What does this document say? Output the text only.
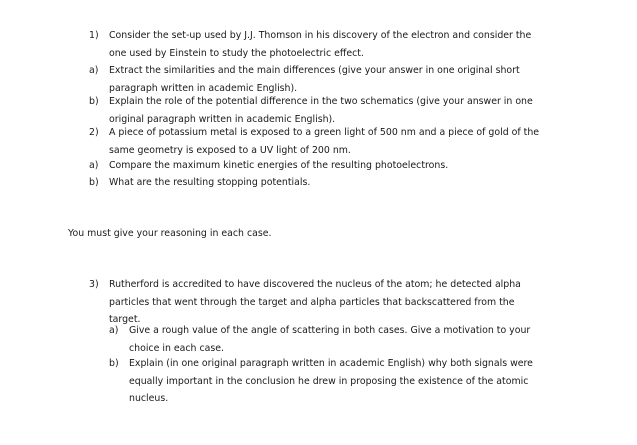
1) Consider the set-up used by J.J. Thomson in his discovery of the electron and consider the
one used by Einstein to study the photoelectric effect.
a) Extract the similarities and the main differences (give your answer in one original short
paragraph written in academic English).
b) Explain the role of the potential difference in the two schematics (give your answer in one
original paragraph written in academic English).
2) A piece of potassium metal is exposed to a green light of 500 nm and a piece of gold of the
same geometry is exposed to a UV light of 200 nm.
a) Compare the maximum kinetic energies of the resulting photoelectrons.
b) What are the resulting stopping potentials.
You must give your reasoning in each case.
3) Rutherford is accredited to have discovered the nucleus of the atom; he detected alpha
particles that went through the target and alpha particles that backscattered from the
target.
a) Give a rough value of the angle of scattering in both cases. Give a motivation to your
choice in each case.
b) Explain (in one original paragraph written in academic English) why both signals were
equally important in the conclusion he drew in proposing the existence of the atomic
nucleus.
